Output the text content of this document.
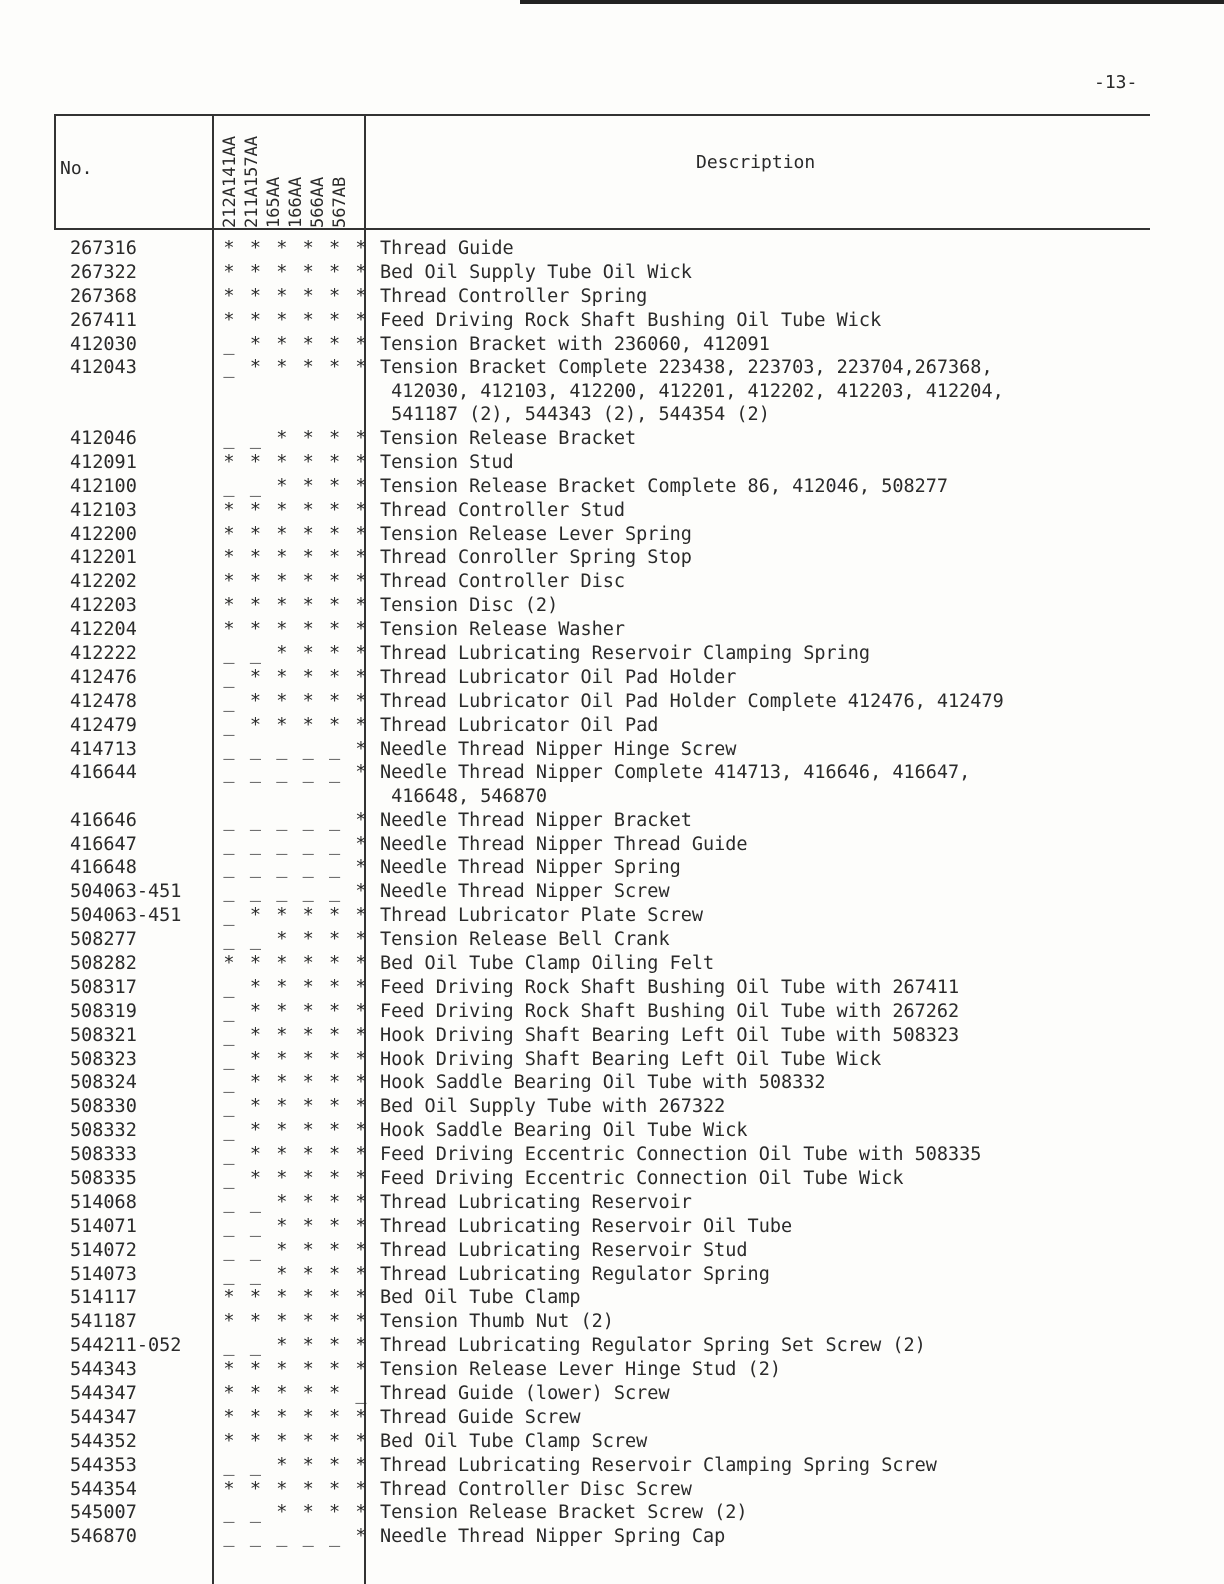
-13-
No.	Description
212A141AA 211A157AA 165AA 166AA 566AA 567AB
267316	* * * * * * Thread Guide
267322	* * * * * * Bed Oil Supply Tube Oil Wick
267368	* * * * * * Thread Controller Spring
267411	* * * * * * Feed Driving Rock Shaft Bushing Oil Tube Wick
412030	_ * * * * * Tension Bracket with 236060, 412091
412043	_ * * * * * Tension Bracket Complete 223438, 223703, 223704,267368,
412030, 412103, 412200, 412201, 412202, 412203, 412204,
541187 (2), 544343 (2), 544354 (2)
412046	_ _ * * * * Tension Release Bracket
412091	* * * * * * Tension Stud
412100	_ _ * * * * Tension Release Bracket Complete 86, 412046, 508277
412103	* * * * * * Thread Controller Stud
412200	* * * * * * Tension Release Lever Spring
412201	* * * * * * Thread Conroller Spring Stop
412202	* * * * * * Thread Controller Disc
412203	* * * * * * Tension Disc (2)
412204	* * * * * * Tension Release Washer
412222	_ _ * * * * Thread Lubricating Reservoir Clamping Spring
412476	_ * * * * * Thread Lubricator Oil Pad Holder
412478	_ * * * * * Thread Lubricator Oil Pad Holder Complete 412476, 412479
412479	_ * * * * * Thread Lubricator Oil Pad
414713	_ _ _ _ _ * Needle Thread Nipper Hinge Screw
416644	_ _ _ _ _ * Needle Thread Nipper Complete 414713, 416646, 416647,
416648, 546870
416646	_ _ _ _ _ * Needle Thread Nipper Bracket
416647	_ _ _ _ _ * Needle Thread Nipper Thread Guide
416648	_ _ _ _ _ * Needle Thread Nipper Spring
504063-451 _ _ _ _ _ * Needle Thread Nipper Screw
504063-451 _ * * * * * Thread Lubricator Plate Screw
508277	_ _ * * * * Tension Release Bell Crank
508282	* * * * * * Bed Oil Tube Clamp Oiling Felt
508317	_ * * * * * Feed Driving Rock Shaft Bushing Oil Tube with 267411
508319	_ * * * * * Feed Driving Rock Shaft Bushing Oil Tube with 267262
508321	_ * * * * * Hook Driving Shaft Bearing Left Oil Tube with 508323
508323	_ * * * * * Hook Driving Shaft Bearing Left Oil Tube Wick
508324	_ * * * * * Hook Saddle Bearing Oil Tube with 508332
508330	_ * * * * * Bed Oil Supply Tube with 267322
508332	_ * * * * * Hook Saddle Bearing Oil Tube Wick
508333	_ * * * * * Feed Driving Eccentric Connection Oil Tube with 508335
508335	_ * * * * * Feed Driving Eccentric Connection Oil Tube Wick
514068	_ _ * * * * Thread Lubricating Reservoir
514071	_ _ * * * * Thread Lubricating Reservoir Oil Tube
514072	_ _ * * * * Thread Lubricating Reservoir Stud
514073	_ _ * * * * Thread Lubricating Regulator Spring
514117	* * * * * * Bed Oil Tube Clamp
541187	* * * * * * Tension Thumb Nut (2)
544211-052 _ _ * * * * Thread Lubricating Regulator Spring Set Screw (2)
544343	* * * * * * Tension Release Lever Hinge Stud (2)
544347	* * * * * _ Thread Guide (lower) Screw
544347	* * * * * * Thread Guide Screw
544352	* * * * * * Bed Oil Tube Clamp Screw
544353	_ _ * * * * Thread Lubricating Reservoir Clamping Spring Screw
544354	* * * * * * Thread Controller Disc Screw
545007	_ _ * * * * Tension Release Bracket Screw (2)
546870	_ _ _ _ _ * Needle Thread Nipper Spring Cap
